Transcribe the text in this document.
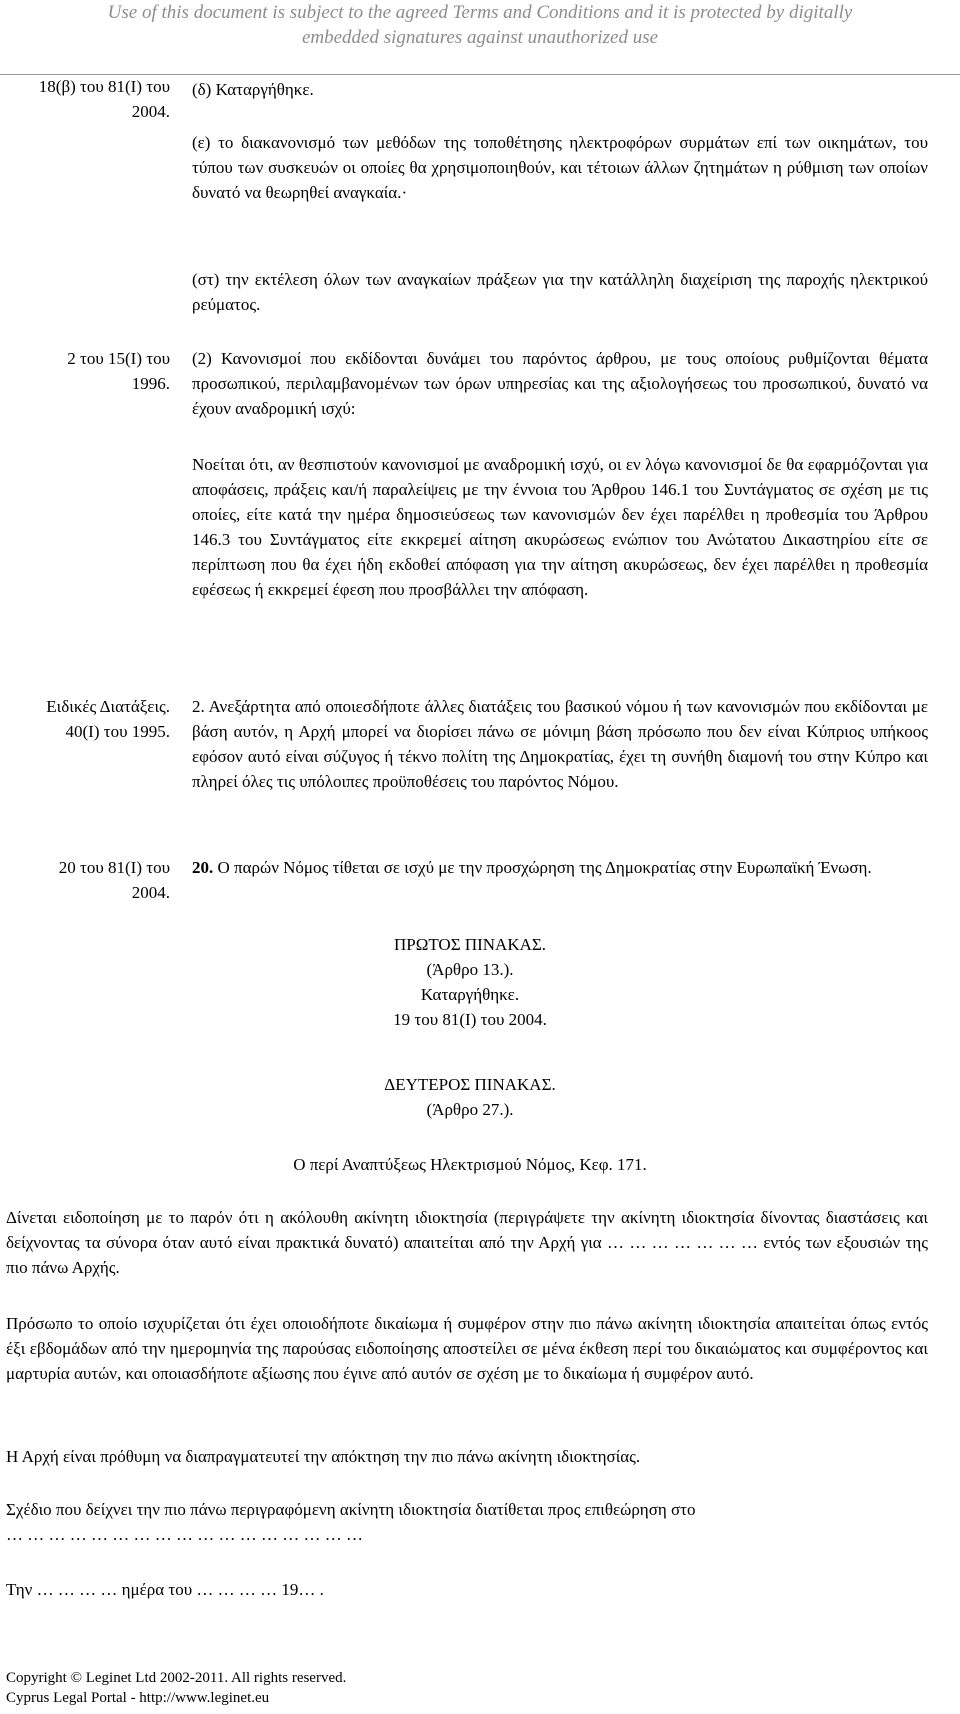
Use of this document is subject to the agreed Terms and Conditions and it is protected by digitally
embedded signatures against unauthorized use
18(β) του 81(Ι) του
2004.
(δ) Καταργήθηκε.
(ε) το διακανονισμό των μεθόδων της τοποθέτησης ηλεκτροφόρων συρμάτων επί των οικημάτων, του τύπου των συσκευών οι οποίες θα χρησιμοποιηθούν, και τέτοιων άλλων ζητημάτων η ρύθμιση των οποίων δυνατό να θεωρηθεί αναγκαία.·
(στ) την εκτέλεση όλων των αναγκαίων πράξεων για την κατάλληλη διαχείριση της παροχής ηλεκτρικού ρεύματος.
2 του 15(Ι) του
1996.
(2) Κανονισμοί που εκδίδονται δυνάμει του παρόντος άρθρου, με τους οποίους ρυθμίζονται θέματα προσωπικού, περιλαμβανομένων των όρων υπηρεσίας και της αξιολογήσεως του προσωπικού, δυνατό να έχουν αναδρομική ισχύ:
Νοείται ότι, αν θεσπιστούν κανονισμοί με αναδρομική ισχύ, οι εν λόγω κανονισμοί δε θα εφαρμόζονται για αποφάσεις, πράξεις και/ή παραλείψεις με την έννοια του Άρθρου 146.1 του Συντάγματος σε σχέση με τις οποίες, είτε κατά την ημέρα δημοσιεύσεως των κανονισμών δεν έχει παρέλθει η προθεσμία του Άρθρου 146.3 του Συντάγματος είτε εκκρεμεί αίτηση ακυρώσεως ενώπιον του Ανώτατου Δικαστηρίου είτε σε περίπτωση που θα έχει ήδη εκδοθεί απόφαση για την αίτηση ακυρώσεως, δεν έχει παρέλθει η προθεσμία εφέσεως ή εκκρεμεί έφεση που προσβάλλει την απόφαση.
Ειδικές Διατάξεις.
40(Ι) του 1995.
2. Ανεξάρτητα από οποιεσδήποτε άλλες διατάξεις του βασικού νόμου ή των κανονισμών που εκδίδονται με βάση αυτόν, η Αρχή μπορεί να διορίσει πάνω σε μόνιμη βάση πρόσωπο που δεν είναι Κύπριος υπήκοος εφόσον αυτό είναι σύζυγος ή τέκνο πολίτη της Δημοκρατίας, έχει τη συνήθη διαμονή του στην Κύπρο και πληρεί όλες τις υπόλοιπες προϋποθέσεις του παρόντος Νόμου.
20 του 81(Ι) του
2004.
20. Ο παρών Νόμος τίθεται σε ισχύ με την προσχώρηση της Δημοκρατίας στην Ευρωπαϊκή Ένωση.
ΠΡΩΤΟΣ ΠΙΝΑΚΑΣ.
(Άρθρο 13.).
Καταργήθηκε.
19 του 81(Ι) του 2004.
ΔΕΥΤΕΡΟΣ ΠΙΝΑΚΑΣ.
(Άρθρο 27.).
Ο περί Αναπτύξεως Ηλεκτρισμού Νόμος, Κεφ. 171.
Δίνεται ειδοποίηση με το παρόν ότι η ακόλουθη ακίνητη ιδιοκτησία (περιγράψετε την ακίνητη ιδιοκτησία δίνοντας διαστάσεις και δείχνοντας τα σύνορα όταν αυτό είναι πρακτικά δυνατό) απαιτείται από την Αρχή για … … … … … … … εντός των εξουσιών της πιο πάνω Αρχής.
Πρόσωπο το οποίο ισχυρίζεται ότι έχει οποιοδήποτε δικαίωμα ή συμφέρον στην πιο πάνω ακίνητη ιδιοκτησία απαιτείται όπως εντός έξι εβδομάδων από την ημερομηνία της παρούσας ειδοποίησης αποστείλει σε μένα έκθεση περί του δικαιώματος και συμφέροντος και μαρτυρία αυτών, και οποιασδήποτε αξίωσης που έγινε από αυτόν σε σχέση με το δικαίωμα ή συμφέρον αυτό.
Η Αρχή είναι πρόθυμη να διαπραγματευτεί την απόκτηση την πιο πάνω ακίνητη ιδιοκτησίας.
Σχέδιο που δείχνει την πιο πάνω περιγραφόμενη ακίνητη ιδιοκτησία διατίθεται προς επιθεώρηση στο
… … … … … … … … … … … … … … … … …
Την … … … … ημέρα του … … … … 19… .
Copyright © Leginet Ltd 2002-2011. All rights reserved.
Cyprus Legal Portal - http://www.leginet.eu
